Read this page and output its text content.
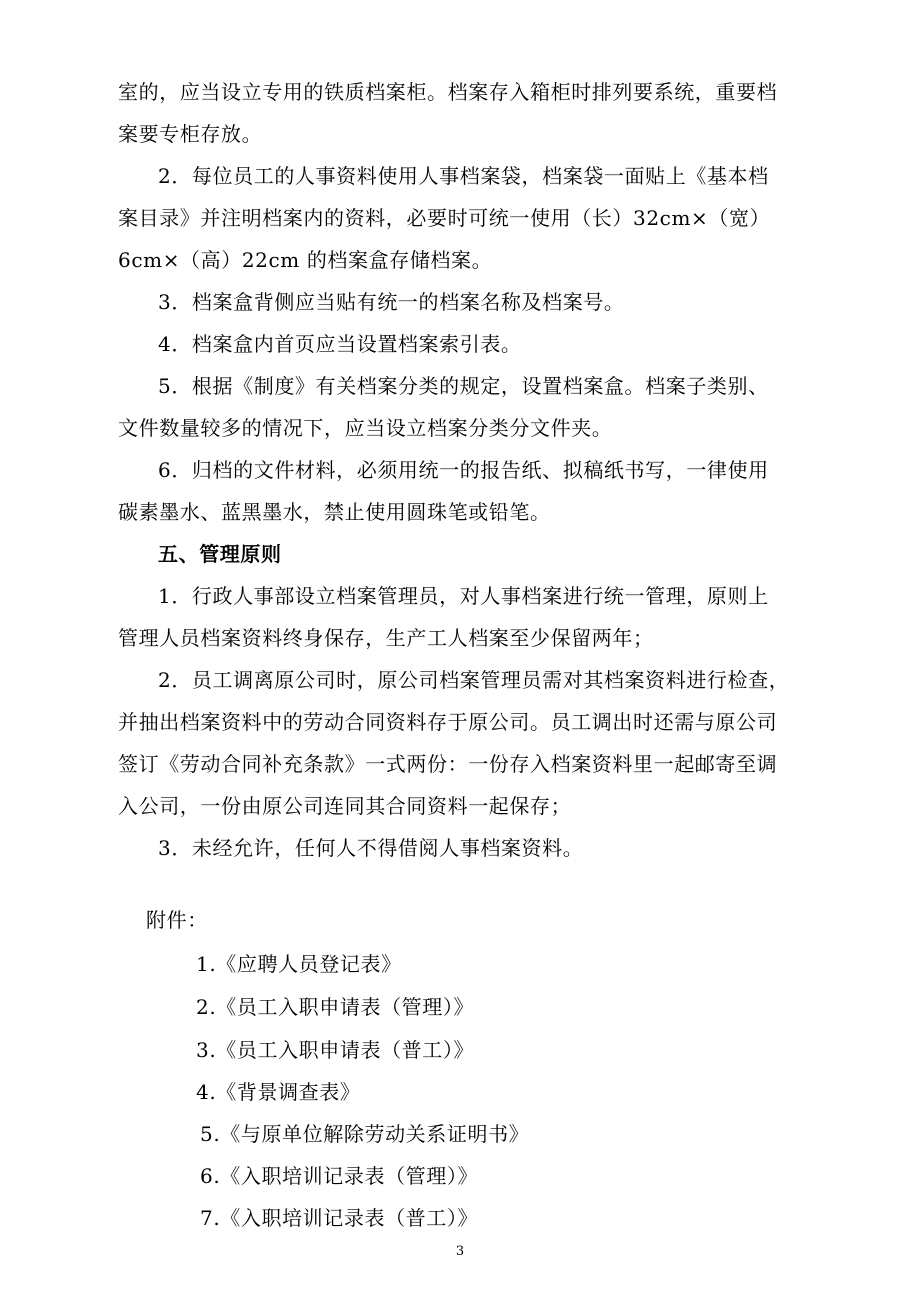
室的，应当设立专用的铁质档案柜。档案存入箱柜时排列要系统，重要档
案要专柜存放。
2．每位员工的人事资料使用人事档案袋，档案袋一面贴上《基本档
案目录》并注明档案内的资料，必要时可统一使用（长）32cm×（宽）
6cm×（高）22cm 的档案盒存储档案。
3．档案盒背侧应当贴有统一的档案名称及档案号。
4．档案盒内首页应当设置档案索引表。
5．根据《制度》有关档案分类的规定，设置档案盒。档案子类别、
文件数量较多的情况下，应当设立档案分类分文件夹。
6．归档的文件材料，必须用统一的报告纸、拟稿纸书写，一律使用
碳素墨水、蓝黑墨水，禁止使用圆珠笔或铅笔。
五、管理原则
1．行政人事部设立档案管理员，对人事档案进行统一管理，原则上
管理人员档案资料终身保存，生产工人档案至少保留两年；
2．员工调离原公司时，原公司档案管理员需对其档案资料进行检查，
并抽出档案资料中的劳动合同资料存于原公司。员工调出时还需与原公司
签订《劳动合同补充条款》一式两份：一份存入档案资料里一起邮寄至调
入公司，一份由原公司连同其合同资料一起保存；
3．未经允许，任何人不得借阅人事档案资料。
附件：
1.《应聘人员登记表》
2.《员工入职申请表（管理）》
3.《员工入职申请表（普工）》
4.《背景调查表》
5.《与原单位解除劳动关系证明书》
6.《入职培训记录表（管理）》
7.《入职培训记录表（普工）》
3
